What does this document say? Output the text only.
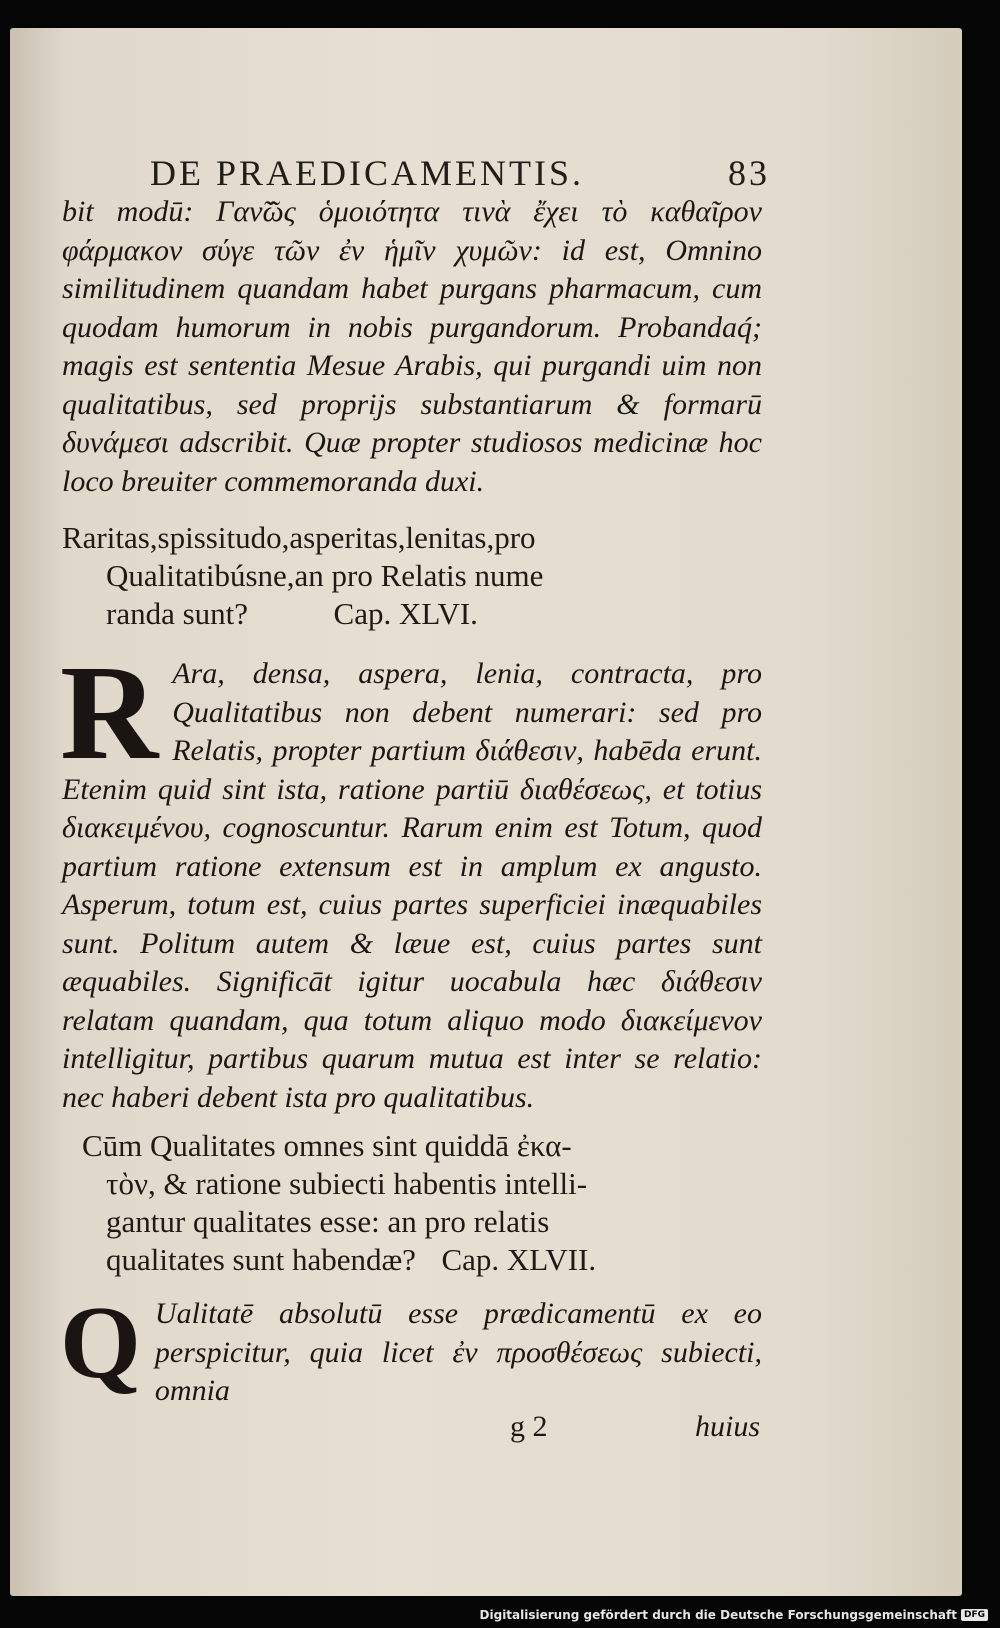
DE PRAEDICAMENTIS.	83

bit modū: Γαν̃ῶς ὁμοιότητα τινὰ ἔχει τὸ καθαῖρον φάρμακον σύγε τῶν ἐν ἡμῖν χυμῶν: id est, Omnino similitudinem quandam habet purgans pharmacum, cum quodam humorum in nobis purgandorum. Probandaq́; magis est sententia Mesue Arabis, qui purgandi uim non qualitatibus, sed proprijs substantiarum & formarū δυνάμεσι adscribit. Quæ propter studiosos medicinæ hoc loco breuiter commemoranda duxi.

Raritas,spissitudo,asperitas,lenitas,pro
Qualitatibúsne,an pro Relatis nume
randa sunt?	Cap. XLVI.
R Ara, densa, aspera, lenia, contracta, pro Qualitatibus non debent numerari: sed pro Relatis, propter partium διάθεσιν, habēda erunt. Etenim quid sint ista, ratione partiū διαθέσεως, et totius διακειμένου, cognoscuntur. Rarum enim est Totum, quod partium ratione extensum est in amplum ex angusto. Asperum, totum est, cuius partes superficiei inæquabiles sunt. Politum autem & læue est, cuius partes sunt æquabiles. Significāt igitur uocabula hæc διάθεσιν relatam quandam, qua totum aliquo modo διακείμενον intelligitur, partibus quarum mutua est inter se relatio: nec haberi debent ista pro qualitatibus.

Cūm Qualitates omnes sint quiddā ἐκα-
τὸν, & ratione subiecti habentis intelli-
gantur qualitates esse: an pro relatis
qualitates sunt habendæ? Cap. XLVII.
Q Ualitatē absolutū esse prædicamentū ex eo perspicitur, quia licet ἐν προσθέσεως subiecti, omnia

g 2	huius
Digitalisierung gefördert durch die Deutsche Forschungsgemeinschaft DFG
